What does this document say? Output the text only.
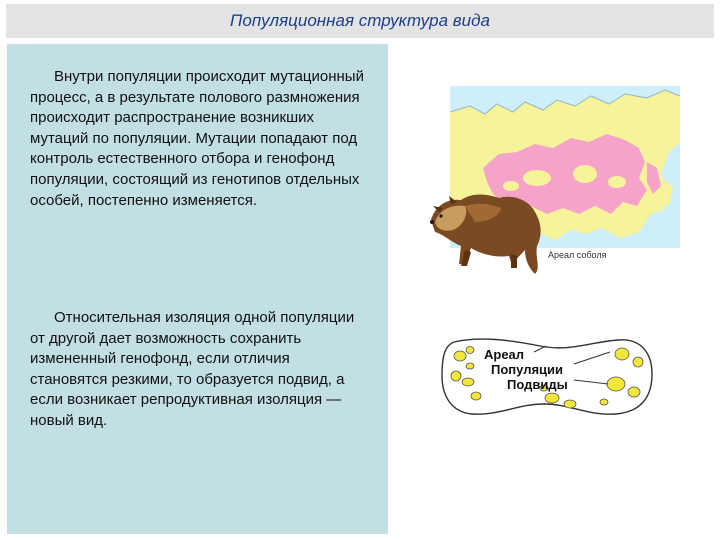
Популяционная структура вида

Внутри популяции происходит мутационный процесс, а в результате полового размножения происходит распространение возникших мутаций по популяции. Мутации попадают под контроль естественного отбора и генофонд популяции, состоящий из генотипов отдельных особей, постепенно изменяется.

Относительная изоляция одной популяции от другой дает возможность сохранить измененный генофонд, если отличия становятся резкими, то образуется подвид, а если возникает репродуктивная изоляция — новый вид.

Ареал соболя
Ареал
Популяции
Подвиды
